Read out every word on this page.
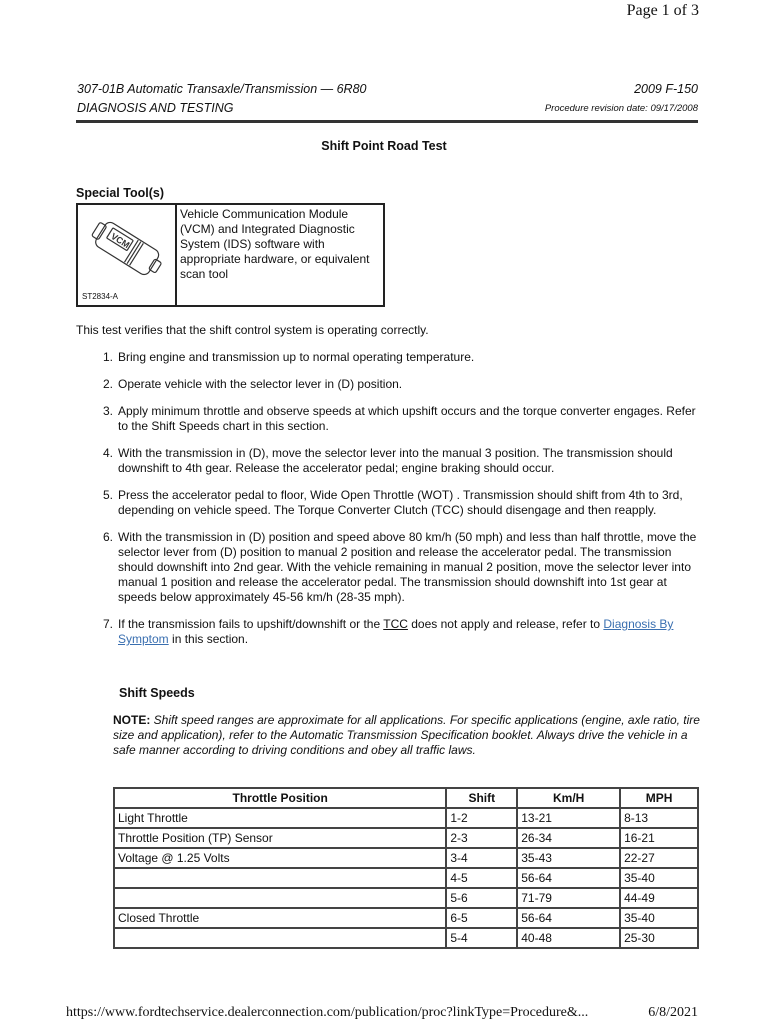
Page 1 of 3
307-01B Automatic Transaxle/Transmission — 6R80
DIAGNOSIS AND TESTING
2009 F-150
Procedure revision date: 09/17/2008
Shift Point Road Test
Special Tool(s)
VCM
ST2834-A
Vehicle Communication Module (VCM) and Integrated Diagnostic System (IDS) software with appropriate hardware, or equivalent scan tool
This test verifies that the shift control system is operating correctly.
1. Bring engine and transmission up to normal operating temperature.
2. Operate vehicle with the selector lever in (D) position.
3. Apply minimum throttle and observe speeds at which upshift occurs and the torque converter engages. Refer to the Shift Speeds chart in this section.
4. With the transmission in (D), move the selector lever into the manual 3 position. The transmission should downshift to 4th gear. Release the accelerator pedal; engine braking should occur.
5. Press the accelerator pedal to floor, Wide Open Throttle (WOT) . Transmission should shift from 4th to 3rd, depending on vehicle speed. The Torque Converter Clutch (TCC) should disengage and then reapply.
6. With the transmission in (D) position and speed above 80 km/h (50 mph) and less than half throttle, move the selector lever from (D) position to manual 2 position and release the accelerator pedal. The transmission should downshift into 2nd gear. With the vehicle remaining in manual 2 position, move the selector lever into manual 1 position and release the accelerator pedal. The transmission should downshift into 1st gear at speeds below approximately 45-56 km/h (28-35 mph).
7. If the transmission fails to upshift/downshift or the TCC does not apply and release, refer to Diagnosis By Symptom in this section.
Shift Speeds
NOTE: Shift speed ranges are approximate for all applications. For specific applications (engine, axle ratio, tire size and application), refer to the Automatic Transmission Specification booklet. Always drive the vehicle in a safe manner according to driving conditions and obey all traffic laws.
Throttle Position	Shift	Km/H	MPH
Light Throttle	1-2	13-21	8-13
Throttle Position (TP) Sensor	2-3	26-34	16-21
Voltage @ 1.25 Volts	3-4	35-43	22-27
	4-5	56-64	35-40
	5-6	71-79	44-49
Closed Throttle	6-5	56-64	35-40
	5-4	40-48	25-30
https://www.fordtechservice.dealerconnection.com/publication/proc?linkType=Procedure&...	6/8/2021
